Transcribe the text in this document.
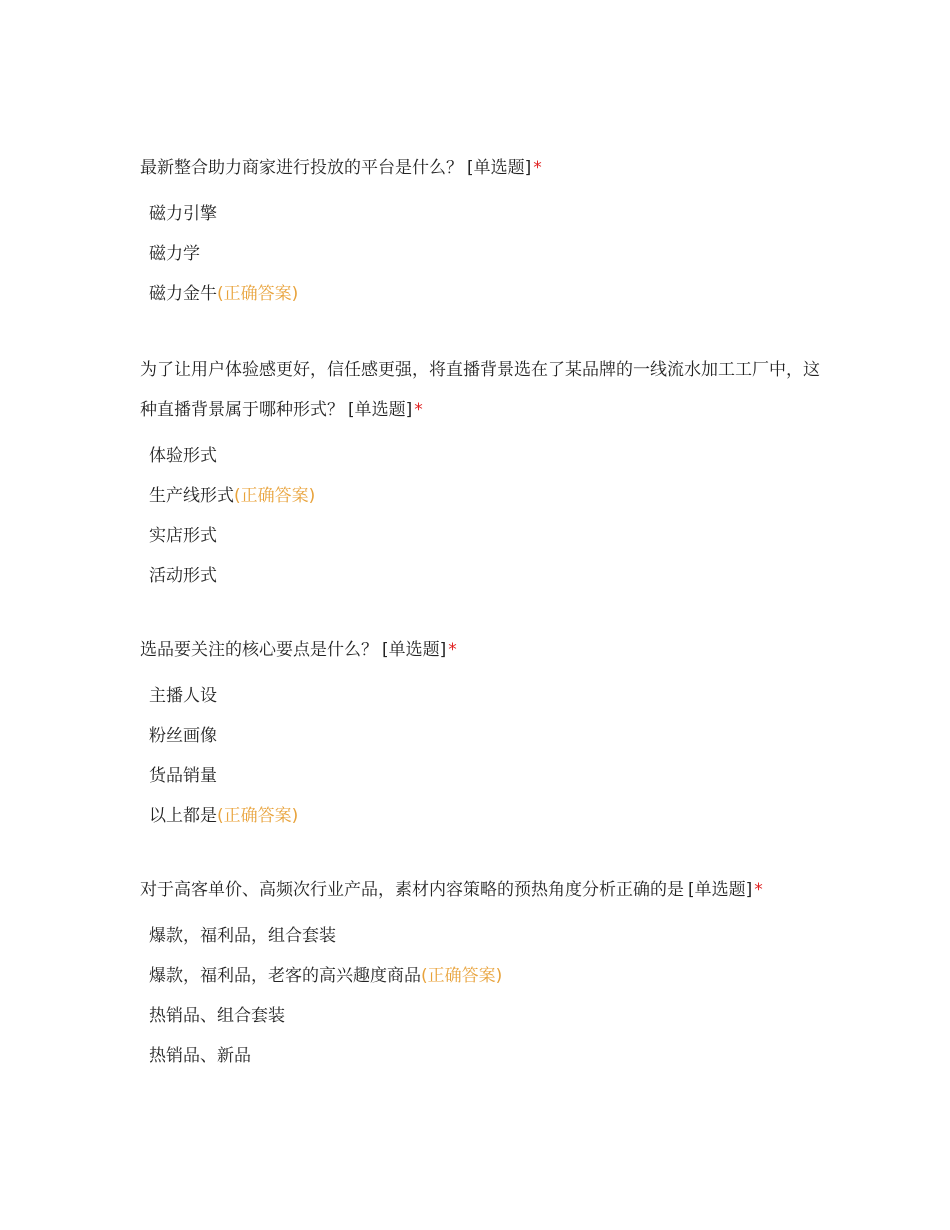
最新整合助力商家进行投放的平台是什么？ [单选题] *

磁力引擎
磁力学
磁力金牛(正确答案)

为了让用户体验感更好，信任感更强，将直播背景选在了某品牌的一线流水加工工厂中，这种直播背景属于哪种形式？ [单选题] *

体验形式
生产线形式(正确答案)
实店形式
活动形式

选品要关注的核心要点是什么？ [单选题] *

主播人设
粉丝画像
货品销量
以上都是(正确答案)

对于高客单价、高频次行业产品，素材内容策略的预热角度分析正确的是 [单选题] *

爆款，福利品，组合套装
爆款，福利品，老客的高兴趣度商品(正确答案)
热销品、组合套装
热销品、新品
